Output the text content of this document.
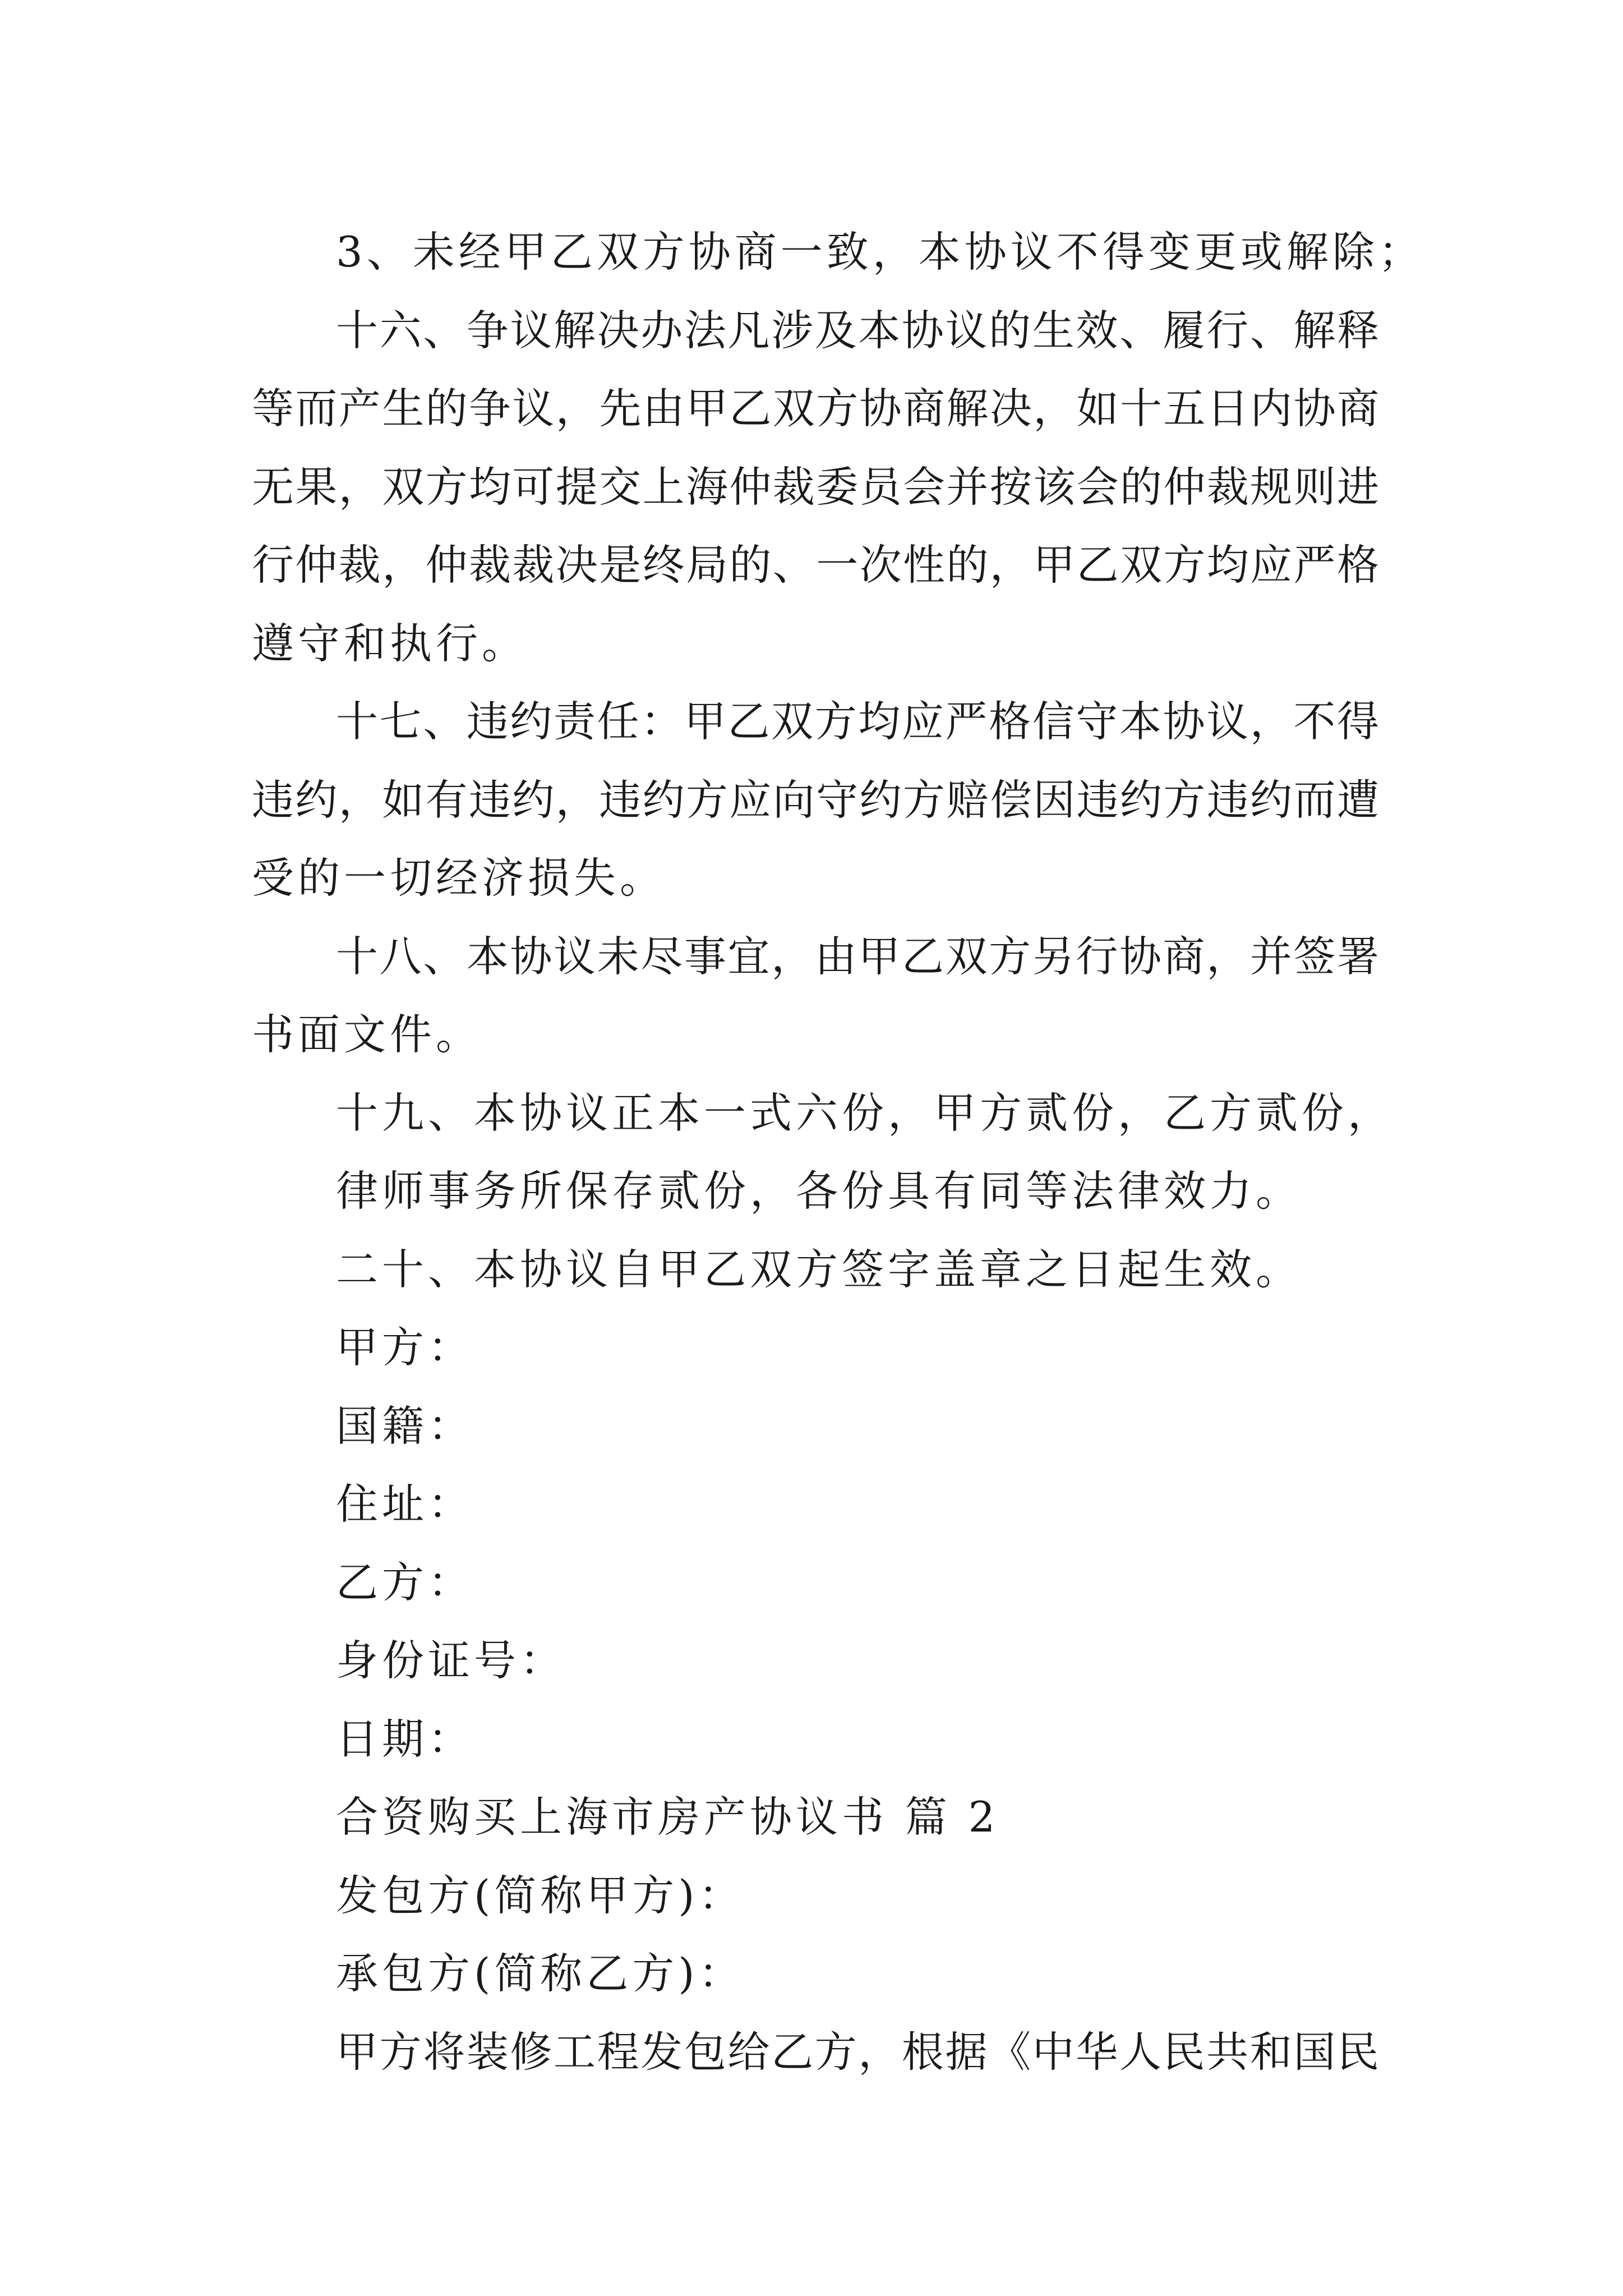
3、未经甲乙双方协商一致，本协议不得变更或解除；
十六、争议解决办法凡涉及本协议的生效、履行、解释
等而产生的争议，先由甲乙双方协商解决，如十五日内协商
无果，双方均可提交上海仲裁委员会并按该会的仲裁规则进
行仲裁，仲裁裁决是终局的、一次性的，甲乙双方均应严格
遵守和执行。
十七、违约责任：甲乙双方均应严格信守本协议，不得
违约，如有违约，违约方应向守约方赔偿因违约方违约而遭
受的一切经济损失。
十八、本协议未尽事宜，由甲乙双方另行协商，并签署
书面文件。
十九、本协议正本一式六份，甲方贰份，乙方贰份，
律师事务所保存贰份，各份具有同等法律效力。
二十、本协议自甲乙双方签字盖章之日起生效。
甲方：
国籍：
住址：
乙方：
身份证号：
日期：
合资购买上海市房产协议书 篇 2
发包方(简称甲方)：
承包方(简称乙方)：
甲方将装修工程发包给乙方，根据《中华人民共和国民
